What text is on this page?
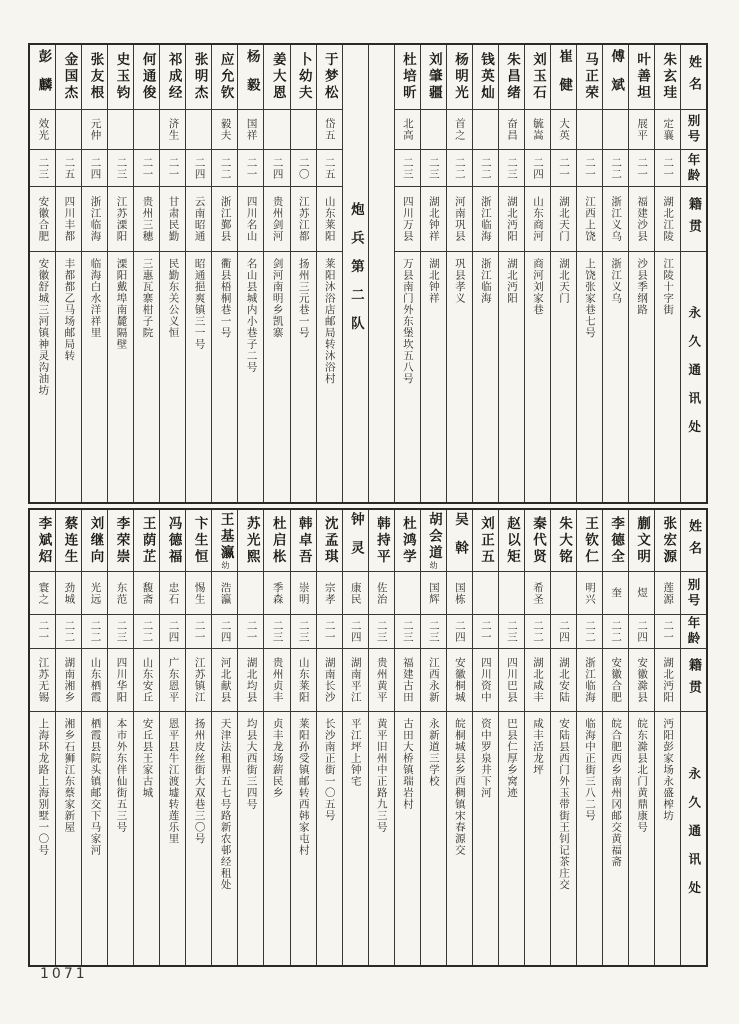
姓名
别号
年龄
籍贯
永久通讯处
朱玄珪
定襄
二一
湖北江陵
江陵十字街
叶善坦
展平
二一
福建沙县
沙县季纲路
傅斌
二二
浙江义乌
浙江义乌
马正荣
二一
江西上饶
上饶张家巷七号
崔健
大英
二一
湖北天门
湖北天门
刘玉石
毓嵩
二四
山东商河
商河刘家巷
朱昌绪
奋昌
二三
湖北沔阳
湖北沔阳
钱英灿
二二
浙江临海
浙江临海
杨明光
首之
二二
河南巩县
巩县孝义
刘肇疆
二三
湖北钟祥
湖北钟祥
杜培昕
北高
二三
四川万县
万县南门外东堡坎五八号
炮兵第二队
于梦松
岱五
二五
山东莱阳
莱阳沐浴店邮局转沐浴村
卜幼夫
二〇
江苏江都
扬州三元巷一号
姜大恩
二四
贵州剑河
剑河南明乡凯寨
杨毅
国祥
二一
四川名山
名山县城内小巷子二号
应允钦
毅夫
二二
浙江鄞县
衢县梧桐巷一号
张明杰
二四
云南昭通
昭通挹爽镇三一号
祁成经
济生
二一
甘肃民勤
民勤东关公义恒
何通俊
二一
贵州三穗
三惠瓦寨柑子院
史玉钧
二三
江苏溧阳
溧阳戴埠南麓隔壁
张友根
元仲
二四
浙江临海
临海白水洋祥里
金国杰
二五
四川丰都
丰都都乙马场邮局转
彭麟
效光
二三
安徽合肥
安徽舒城三河镇神灵沟油坊
姓名
别号
年龄
籍贯
永久通讯处
张宏源
莲源
二一
湖北沔阳
沔阳彭家场永盛榨坊
蒯文明
煜
二四
安徽滁县
皖东滁县北门黄鼎康号
李德全
奎
二二
安徽合肥
皖合肥西乡南州冈邮交黄福斋
王钦仁
明兴
二二
浙江临海
临海中正街三八二号
朱大铭
二四
湖北安陆
安陆县西门外玉带街王钊记茶庄交
秦代贤
希圣
二二
湖北咸丰
咸丰活龙坪
赵以矩
二三
四川巴县
巴县仁厚乡窝迹
刘正五
二一
四川资中
资中罗泉井下河
吴斡
国栋
二四
安徽桐城
皖桐城县乡西稠镇宋春源交
胡会道
幼
国辉
二三
江西永新
永新道三学校
杜鸿学
二三
福建古田
古田大桥镇瑞岩村
韩持平
佐治
二三
贵州黄平
黄平旧州中正路九三号
钟灵
康民
二四
湖南平江
平江坪上钟宅
沈孟琪
宗孝
二一
湖南长沙
长沙南正街一〇五号
韩卓吾
崇明
二三
山东莱阳
莱阳孙受镇邮转西韩家屯村
杜启枨
季森
二三
贵州贞丰
贞丰龙场薪民乡
苏光熙
二一
湖北均县
均县大西街三四号
王基瀛
幼
浩瀛
二四
河北献县
天津法租界五七号路新农邨经租处
卞生恒
惕生
二一
江苏镇江
扬州皮丝街大双巷三〇号
冯德福
忠石
二四
广东恩平
恩平县牛江渡墟转莲乐里
王荫芷
馥斋
二二
山东安丘
安丘县王家古城
李荣崇
东范
二三
四川华阳
本市外东伴仙街五三号
刘继向
光远
二二
山东栖霞
栖霞县院头镇邮交下马家河
蔡连生
劲城
二二
湖南湘乡
湘乡石狮江东蔡家新屋
李斌炤
寰之
二一
江苏无锡
上海环龙路上海别墅一〇号
1071
